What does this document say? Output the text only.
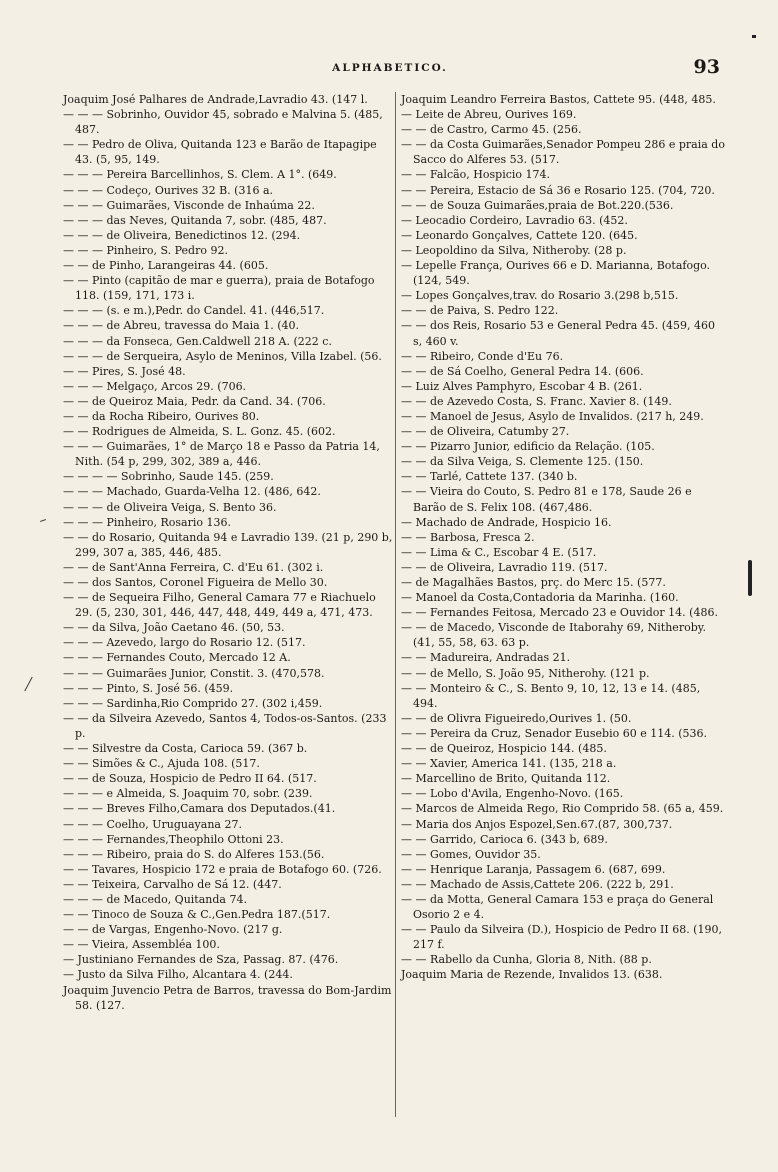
ALPHABETICO.	93

Joaquim José Palhares de Andrade,Lavradio 43. (147 l.

— — — Sobrinho, Ouvidor 45, sobrado e Malvina 5. (485, 487.

— — Pedro de Oliva, Quitanda 123 e Barão de Itapagipe 43. (5, 95, 149.

— — — Pereira Barcellinhos, S. Clem. A 1°. (649.

— — — Codeço, Ourives 32 B. (316 a.

— — — Guimarães, Visconde de Inhaúma 22.

— — — das Neves, Quitanda 7, sobr. (485, 487.

— — — de Oliveira, Benedictinos 12. (294.

— — — Pinheiro, S. Pedro 92.

— — de Pinho, Larangeiras 44. (605.

— — Pinto (capitão de mar e guerra), praia de Botafogo 118. (159, 171, 173 i.

— — — (s. e m.),Pedr. do Candel. 41. (446,517.

— — — de Abreu, travessa do Maia 1. (40.

— — — da Fonseca, Gen.Caldwell 218 A. (222 c.

— — — de Serqueira, Asylo de Meninos, Villa Izabel. (56.

— — Pires, S. José 48.

— — — Melgaço, Arcos 29. (706.

— — de Queiroz Maia, Pedr. da Cand. 34. (706.

— — da Rocha Ribeiro, Ourives 80.

— — Rodrigues de Almeida, S. L. Gonz. 45. (602.

— — — Guimarães, 1° de Março 18 e Passo da Patria 14, Nith. (54 p, 299, 302, 389 a, 446.

— — — — Sobrinho, Saude 145. (259.

— — — Machado, Guarda-Velha 12. (486, 642.

— — — de Oliveira Veiga, S. Bento 36.

— — — Pinheiro, Rosario 136.

— — do Rosario, Quitanda 94 e Lavradio 139. (21 p, 290 b, 299, 307 a, 385, 446, 485.

— — de Sant'Anna Ferreira, C. d'Eu 61. (302 i.

— — dos Santos, Coronel Figueira de Mello 30.

— — de Sequeira Filho, General Camara 77 e Riachuelo 29. (5, 230, 301, 446, 447, 448, 449, 449 a, 471, 473.

— — da Silva, João Caetano 46. (50, 53.

— — — Azevedo, largo do Rosario 12. (517.

— — — Fernandes Couto, Mercado 12 A.

— — — Guimarães Junior, Constit. 3. (470,578.

— — — Pinto, S. José 56. (459.

— — — Sardinha,Rio Comprido 27. (302 i,459.

— — da Silveira Azevedo, Santos 4, Todos-os-Santos. (233 p.

— — Silvestre da Costa, Carioca 59. (367 b.

— — Simões & C., Ajuda 108. (517.

— — de Souza, Hospicio de Pedro II 64. (517.

— — — e Almeida, S. Joaquim 70, sobr. (239.

— — — Breves Filho,Camara dos Deputados.(41.

— — — Coelho, Uruguayana 27.

— — — Fernandes,Theophilo Ottoni 23.

— — — Ribeiro, praia do S. do Alferes 153.(56.

— — Tavares, Hospicio 172 e praia de Botafogo 60. (726.

— — Teixeira, Carvalho de Sá 12. (447.

— — — de Macedo, Quitanda 74.

— — Tinoco de Souza & C.,Gen.Pedra 187.(517.

— — de Vargas, Engenho-Novo. (217 g.

— — Vieira, Assembléa 100.

— Justiniano Fernandes de Sza, Passag. 87. (476.

— Justo da Silva Filho, Alcantara 4. (244.

Joaquim Juvencio Petra de Barros, travessa do Bom-Jardim 58. (127.

Joaquim Leandro Ferreira Bastos, Cattete 95. (448, 485.

— Leite de Abreu, Ourives 169.

— — de Castro, Carmo 45. (256.

— — da Costa Guimarães,Senador Pompeu 286 e praia do Sacco do Alferes 53. (517.

— — Falcão, Hospicio 174.

— — Pereira, Estacio de Sá 36 e Rosario 125. (704, 720.

— — de Souza Guimarães,praia de Bot.220.(536.

— Leocadio Cordeiro, Lavradio 63. (452.

— Leonardo Gonçalves, Cattete 120. (645.

— Leopoldino da Silva, Nitheroby. (28 p.

— Lepelle França, Ourives 66 e D. Marianna, Botafogo. (124, 549.

— Lopes Gonçalves,trav. do Rosario 3.(298 b,515.

— — de Paiva, S. Pedro 122.

— — dos Reis, Rosario 53 e General Pedra 45. (459, 460 s, 460 v.

— — Ribeiro, Conde d'Eu 76.

— — de Sá Coelho, General Pedra 14. (606.

— Luiz Alves Pamphyro, Escobar 4 B. (261.

— — de Azevedo Costa, S. Franc. Xavier 8. (149.

— — Manoel de Jesus, Asylo de Invalidos. (217 h, 249.

— — de Oliveira, Catumby 27.

— — Pizarro Junior, edificio da Relação. (105.

— — da Silva Veiga, S. Clemente 125. (150.

— — Tarlé, Cattete 137. (340 b.

— — Vieira do Couto, S. Pedro 81 e 178, Saude 26 e Barão de S. Felix 108. (467,486.

— Machado de Andrade, Hospicio 16.

— — Barbosa, Fresca 2.

— — Lima & C., Escobar 4 E. (517.

— — de Oliveira, Lavradio 119. (517.

— de Magalhães Bastos, prç. do Merc 15. (577.

— Manoel da Costa,Contadoria da Marinha. (160.

— — Fernandes Feitosa, Mercado 23 e Ouvidor 14. (486.

— — de Macedo, Visconde de Itaborahy 69, Nitheroby. (41, 55, 58, 63. 63 p.

— — Madureira, Andradas 21.

— — de Mello, S. João 95, Nitherohy. (121 p.

— — Monteiro & C., S. Bento 9, 10, 12, 13 e 14. (485, 494.

— — de Olivra Figueiredo,Ourives 1. (50.

— — Pereira da Cruz, Senador Eusebio 60 e 114. (536.

— — de Queiroz, Hospicio 144. (485.

— — Xavier, America 141. (135, 218 a.

— Marcellino de Brito, Quitanda 112.

— — Lobo d'Avila, Engenho-Novo. (165.

— Marcos de Almeida Rego, Rio Comprido 58. (65 a, 459.

— Maria dos Anjos Espozel,Sen.67.(87, 300,737.

— — Garrido, Carioca 6. (343 b, 689.

— — Gomes, Ouvidor 35.

— — Henrique Laranja, Passagem 6. (687, 699.

— — Machado de Assis,Cattete 206. (222 b, 291.

— — da Motta, General Camara 153 e praça do General Osorio 2 e 4.

— — Paulo da Silveira (D.), Hospicio de Pedro II 68. (190, 217 f.

— — Rabello da Cunha, Gloria 8, Nith. (88 p.

Joaquim Maria de Rezende, Invalidos 13. (638.
